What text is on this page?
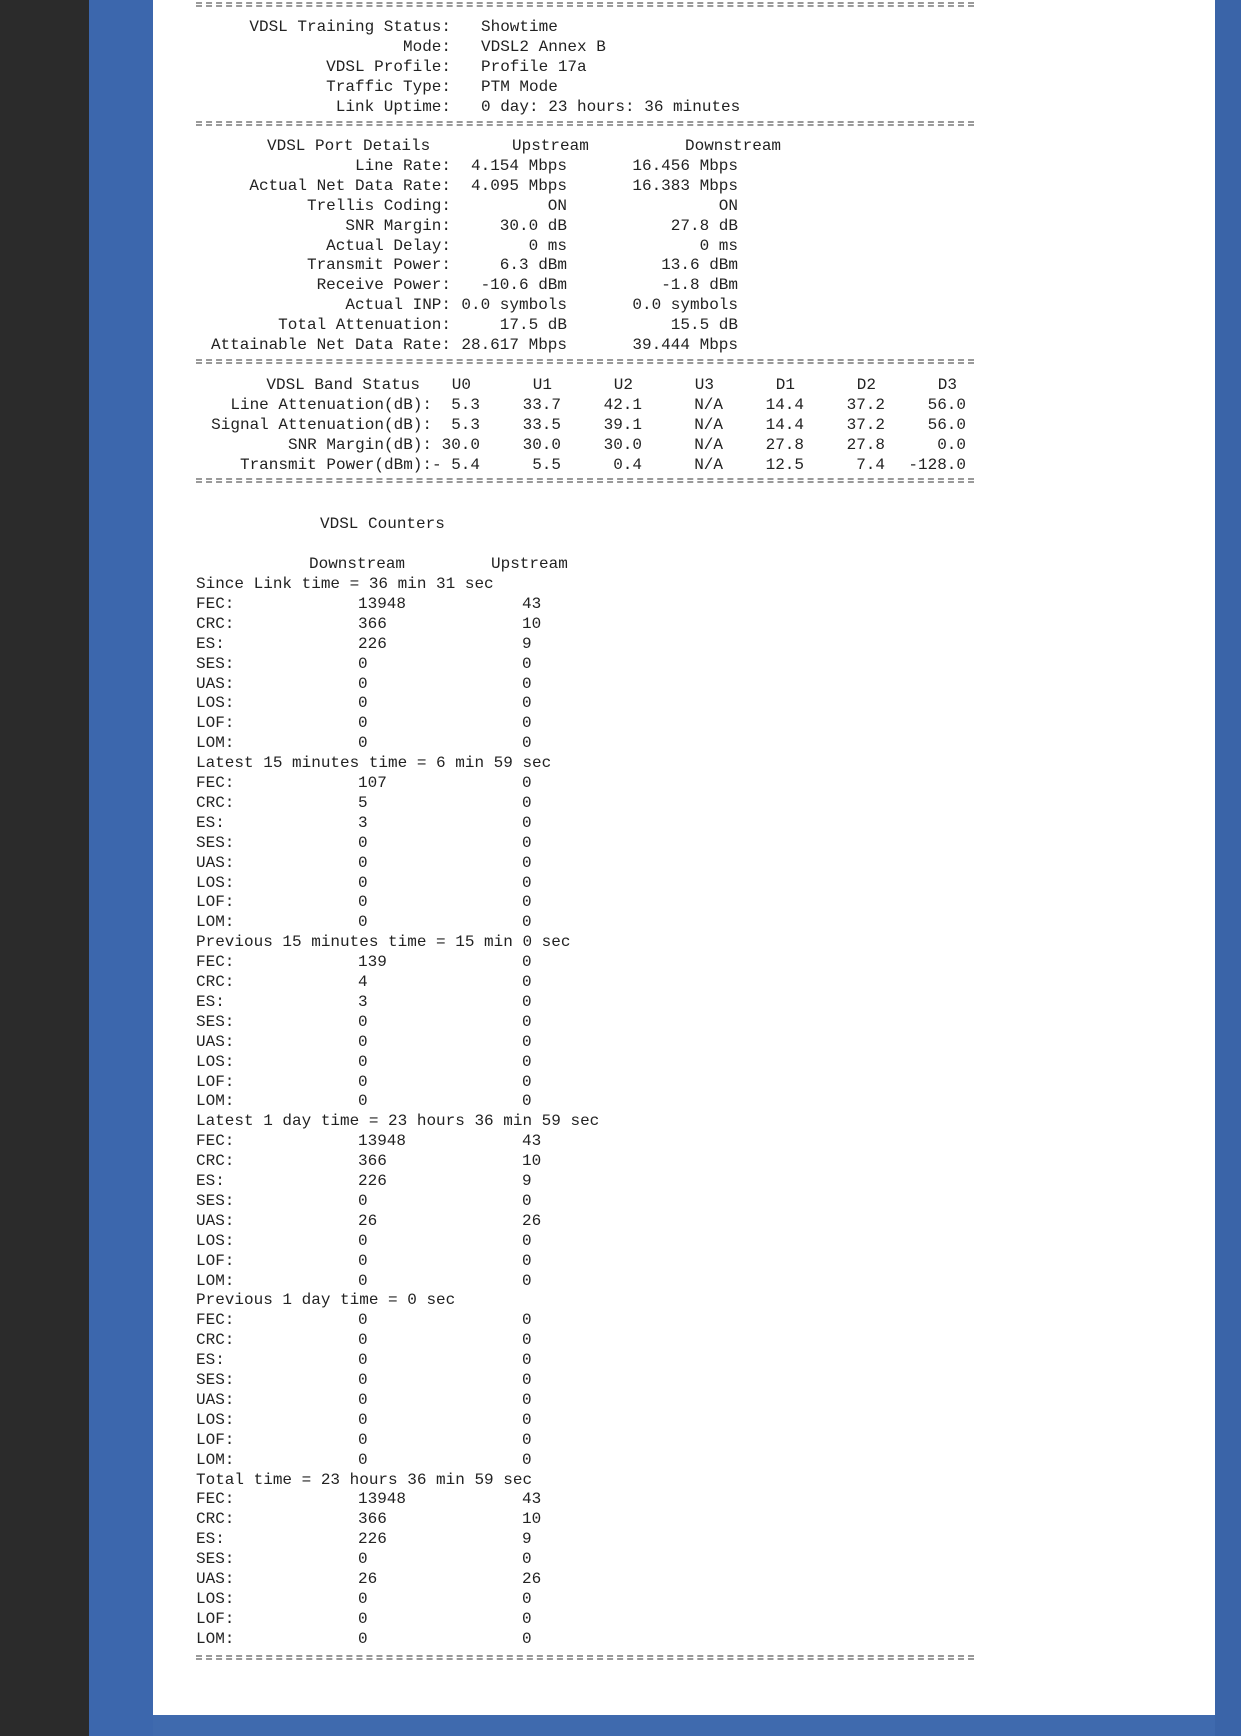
VDSL Training Status: Showtime
Mode: VDSL2 Annex B
VDSL Profile: Profile 17a
Traffic Type: PTM Mode
Link Uptime: 0 day: 23 hours: 36 minutes
VDSL Port Details	Upstream	Downstream
Line Rate:	4.154 Mbps	16.456 Mbps
Actual Net Data Rate:	4.095 Mbps	16.383 Mbps
Trellis Coding:	ON	ON
SNR Margin:	30.0 dB	27.8 dB
Actual Delay:	0 ms	0 ms
Transmit Power:	6.3 dBm	13.6 dBm
Receive Power:	-10.6 dBm	-1.8 dBm
Actual INP: 0.0 symbols	0.0 symbols
Total Attenuation:	17.5 dB	15.5 dB
Attainable Net Data Rate: 28.617 Mbps	39.444 Mbps
VDSL Band Status	U0	U1	U2	U3	D1	D2	D3
Line Attenuation(dB):	5.3	33.7	42.1	N/A	14.4	37.2	56.0
Signal Attenuation(dB):	5.3	33.5	39.1	N/A	14.4	37.2	56.0
SNR Margin(dB): 30.0	30.0	30.0	N/A	27.8	27.8	0.0
Transmit Power(dBm): - 5.4	5.5	0.4	N/A	12.5	7.4	-128.0
VDSL Counters
Downstream	Upstream
Since Link time = 36 min 31 sec
FEC:	13948	43
CRC:	366	10
ES:	226	9
SES:	0	0
UAS:	0	0
LOS:	0	0
LOF:	0	0
LOM:	0	0
Latest 15 minutes time = 6 min 59 sec
FEC:	107	0
CRC:	5	0
ES:	3	0
SES:	0	0
UAS:	0	0
LOS:	0	0
LOF:	0	0
LOM:	0	0
Previous 15 minutes time = 15 min 0 sec
FEC:	139	0
CRC:	4	0
ES:	3	0
SES:	0	0
UAS:	0	0
LOS:	0	0
LOF:	0	0
LOM:	0	0
Latest 1 day time = 23 hours 36 min 59 sec
FEC:	13948	43
CRC:	366	10
ES:	226	9
SES:	0	0
UAS:	26	26
LOS:	0	0
LOF:	0	0
LOM:	0	0
Previous 1 day time = 0 sec
FEC:	0	0
CRC:	0	0
ES:	0	0
SES:	0	0
UAS:	0	0
LOS:	0	0
LOF:	0	0
LOM:	0	0
Total time = 23 hours 36 min 59 sec
FEC:	13948	43
CRC:	366	10
ES:	226	9
SES:	0	0
UAS:	26	26
LOS:	0	0
LOF:	0	0
LOM:	0	0
